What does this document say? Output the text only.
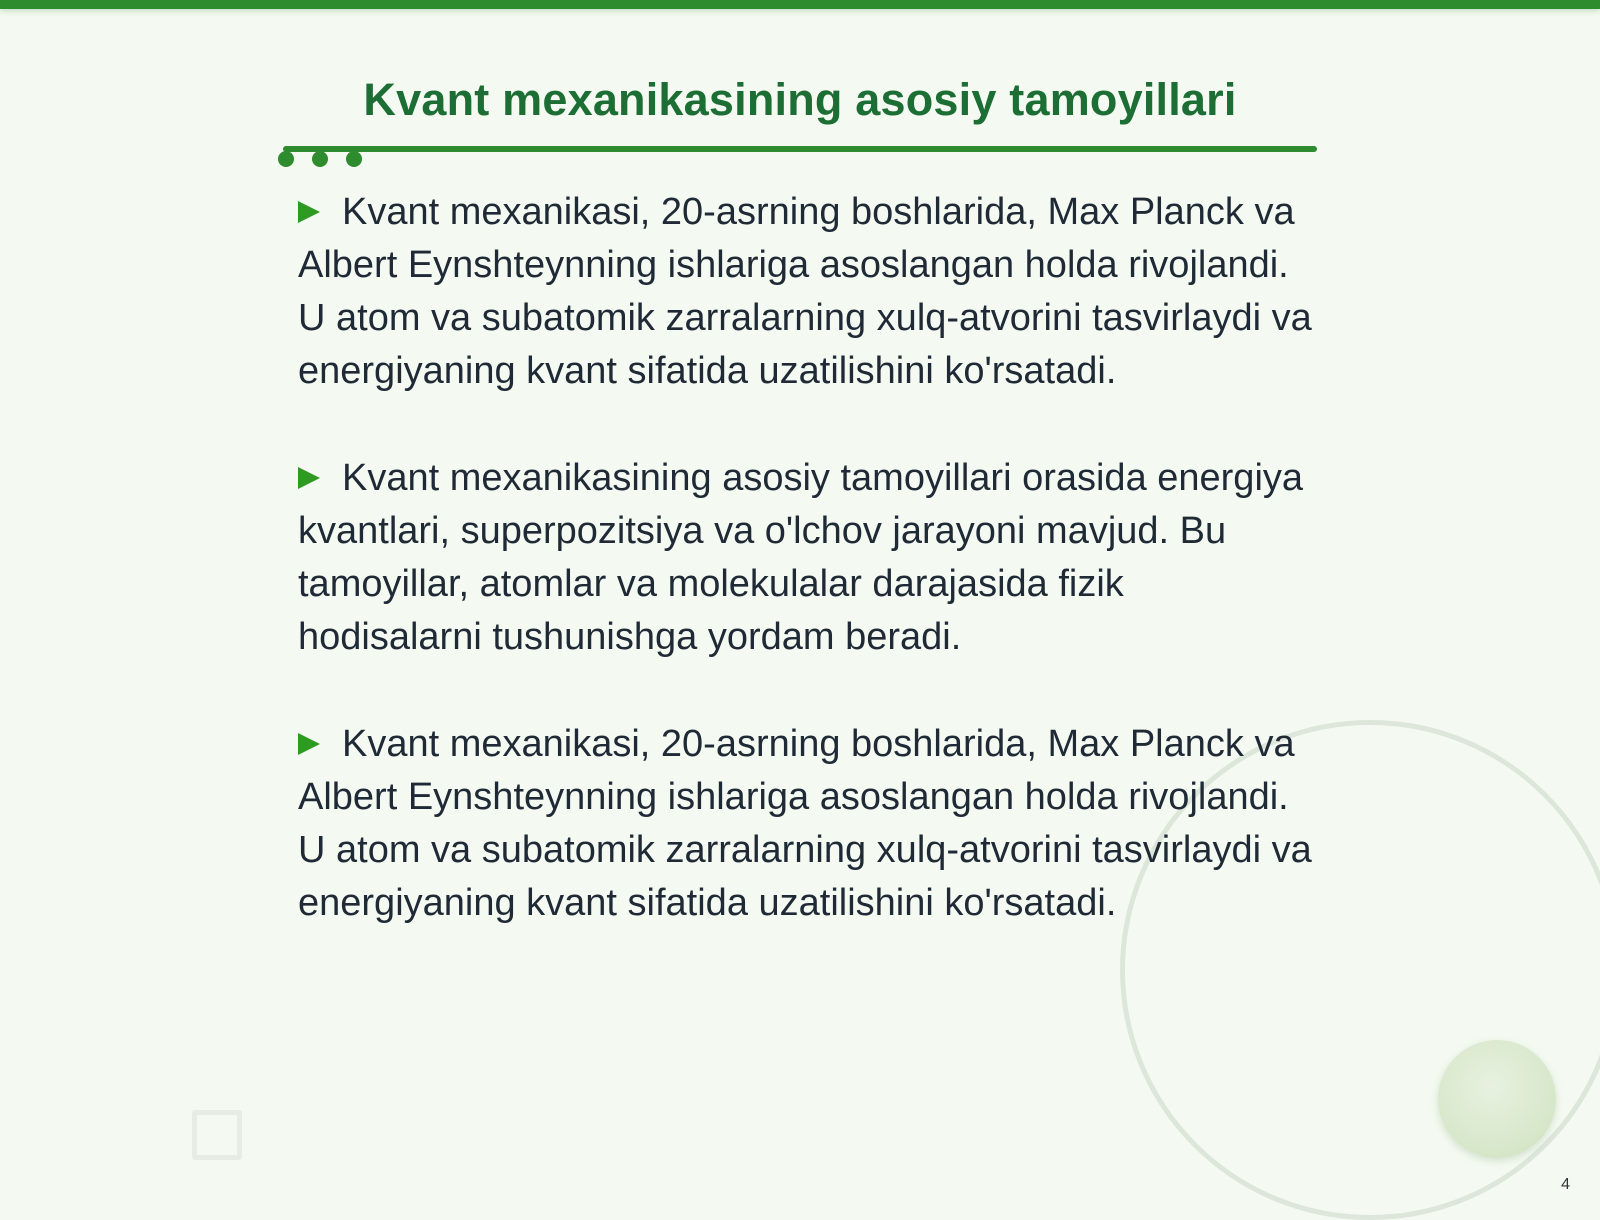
Kvant mexanikasining asosiy tamoyillari

Kvant mexanikasi, 20-asrning boshlarida, Max Planck va Albert Eynshteynning ishlariga asoslangan holda rivojlandi. U atom va subatomik zarralarning xulq-atvorini tasvirlaydi va energiyaning kvant sifatida uzatilishini ko'rsatadi.

Kvant mexanikasining asosiy tamoyillari orasida energiya kvantlari, superpozitsiya va o'lchov jarayoni mavjud. Bu tamoyillar, atomlar va molekulalar darajasida fizik hodisalarni tushunishga yordam beradi.

Kvant mexanikasi, 20-asrning boshlarida, Max Planck va Albert Eynshteynning ishlariga asoslangan holda rivojlandi. U atom va subatomik zarralarning xulq-atvorini tasvirlaydi va energiyaning kvant sifatida uzatilishini ko'rsatadi.

4
